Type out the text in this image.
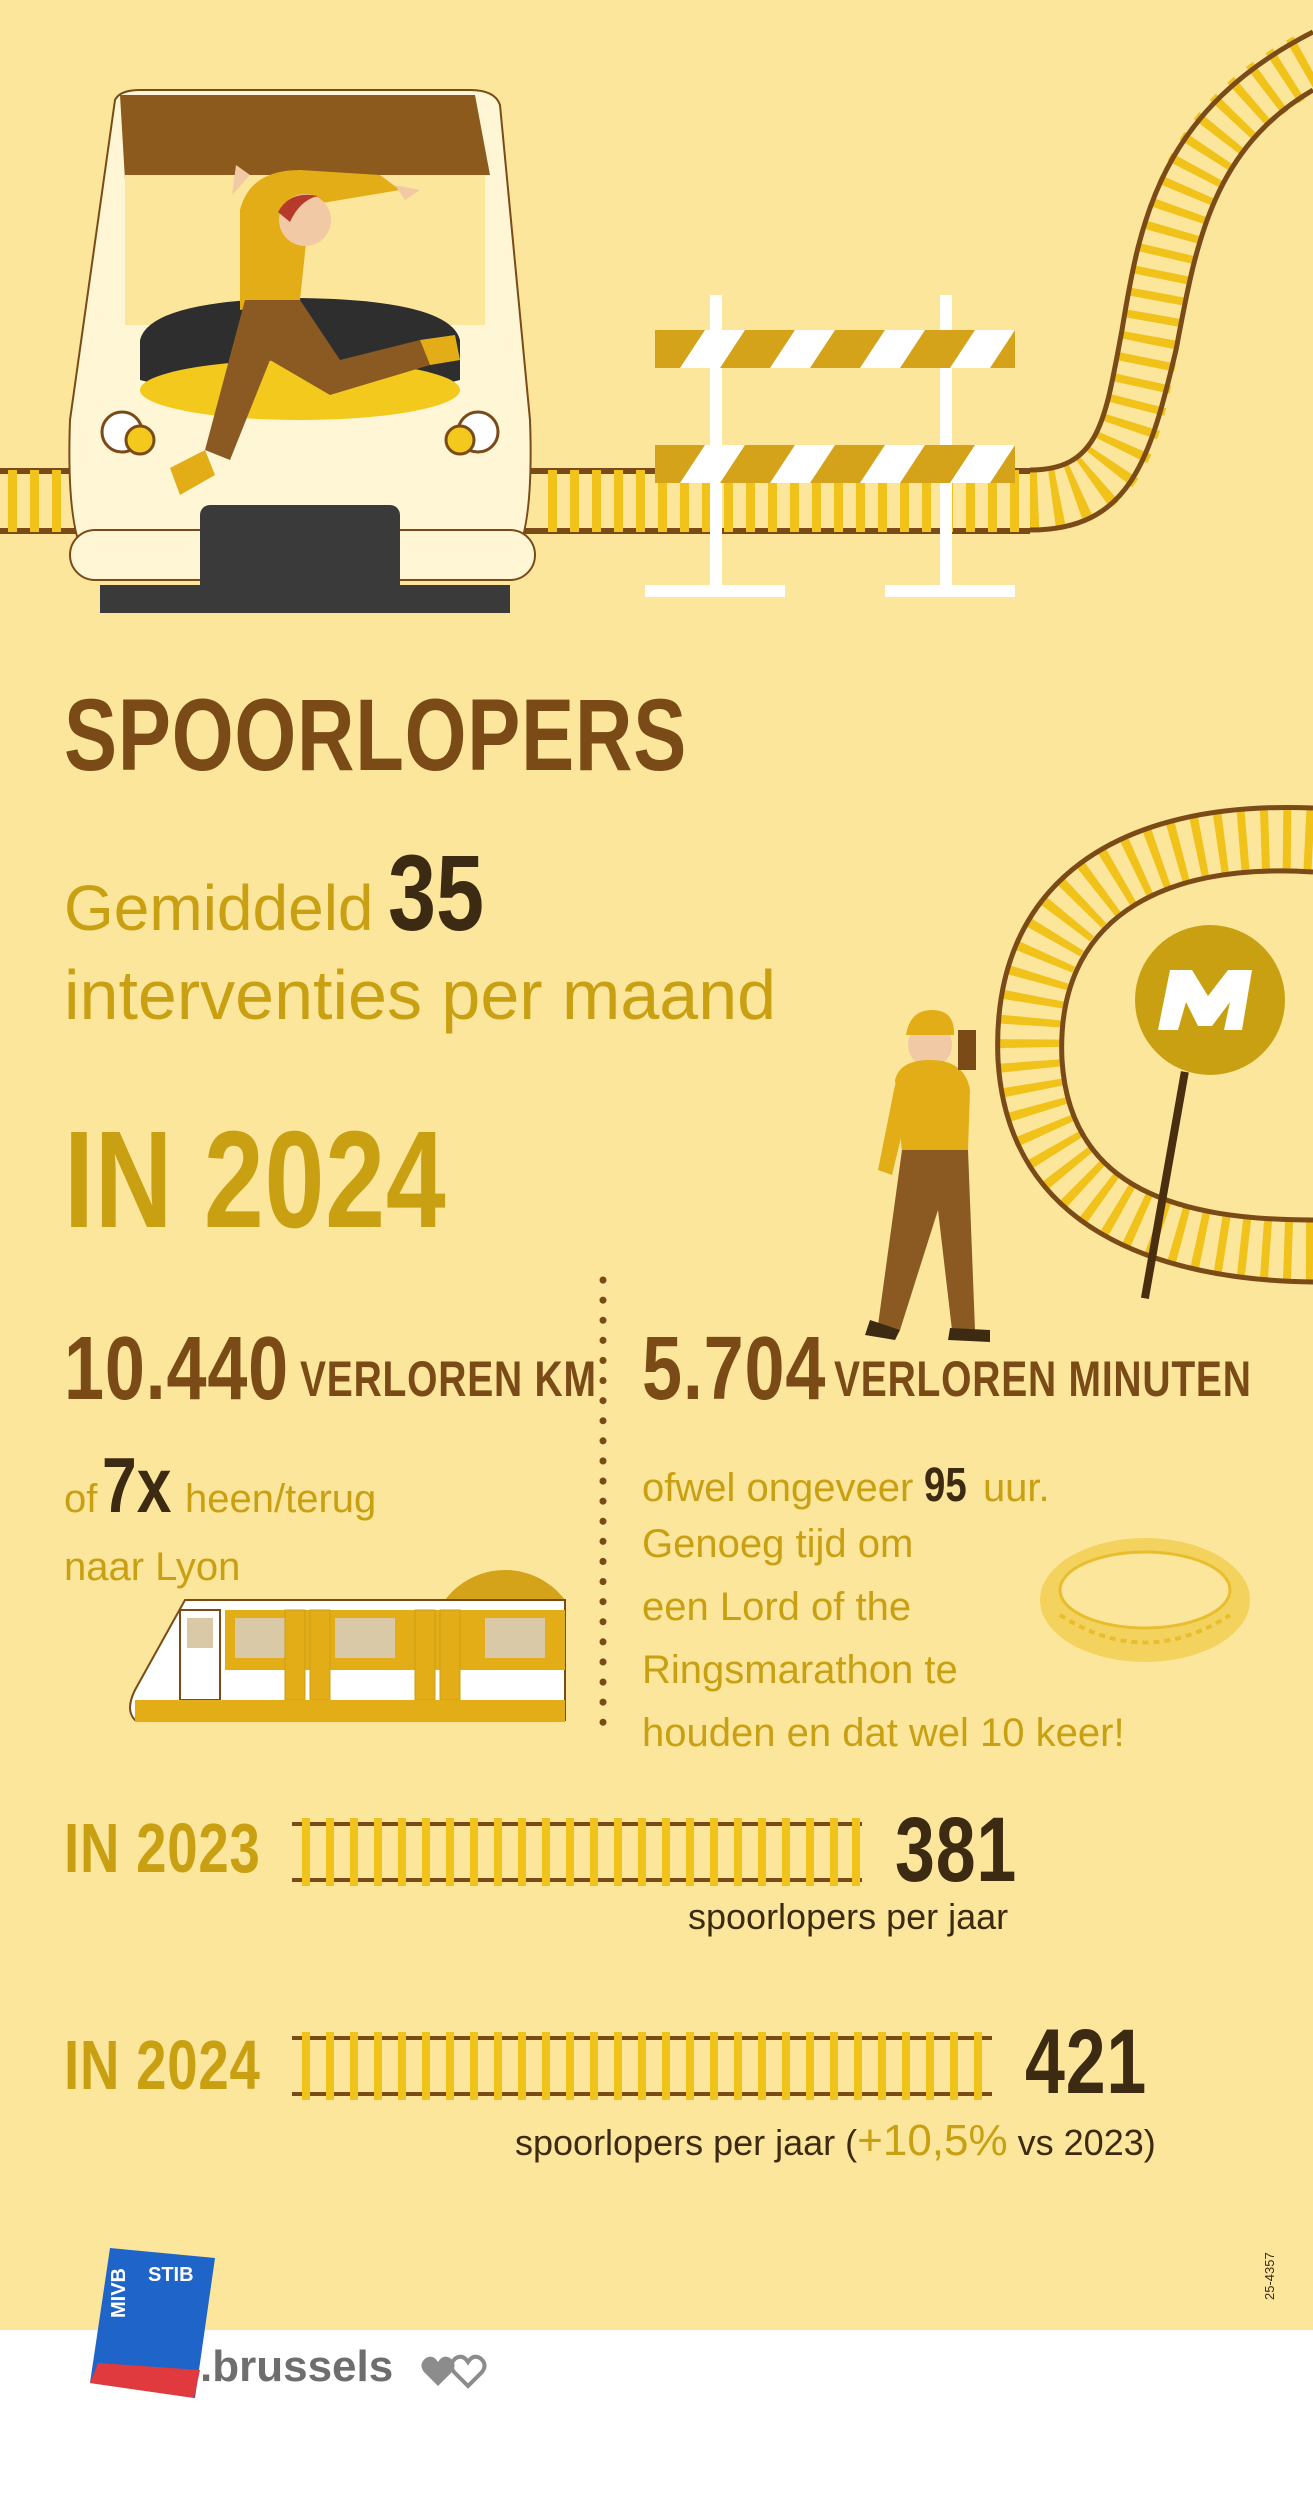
SPOORLOPERS
Gemiddeld 35
interventies per maand
IN 2024
10.440 VERLOREN KM
of 7x heen/terug
naar Lyon
5.704 VERLOREN MINUTEN
ofwel ongeveer 95 uur.
Genoeg tijd om
een Lord of the
Ringsmarathon te
houden en dat wel 10 keer!
IN 2023	381
spoorlopers per jaar
IN 2024	421
spoorlopers per jaar (+10,5% vs 2023)
25-4357
MIVB STIB
.brussels
